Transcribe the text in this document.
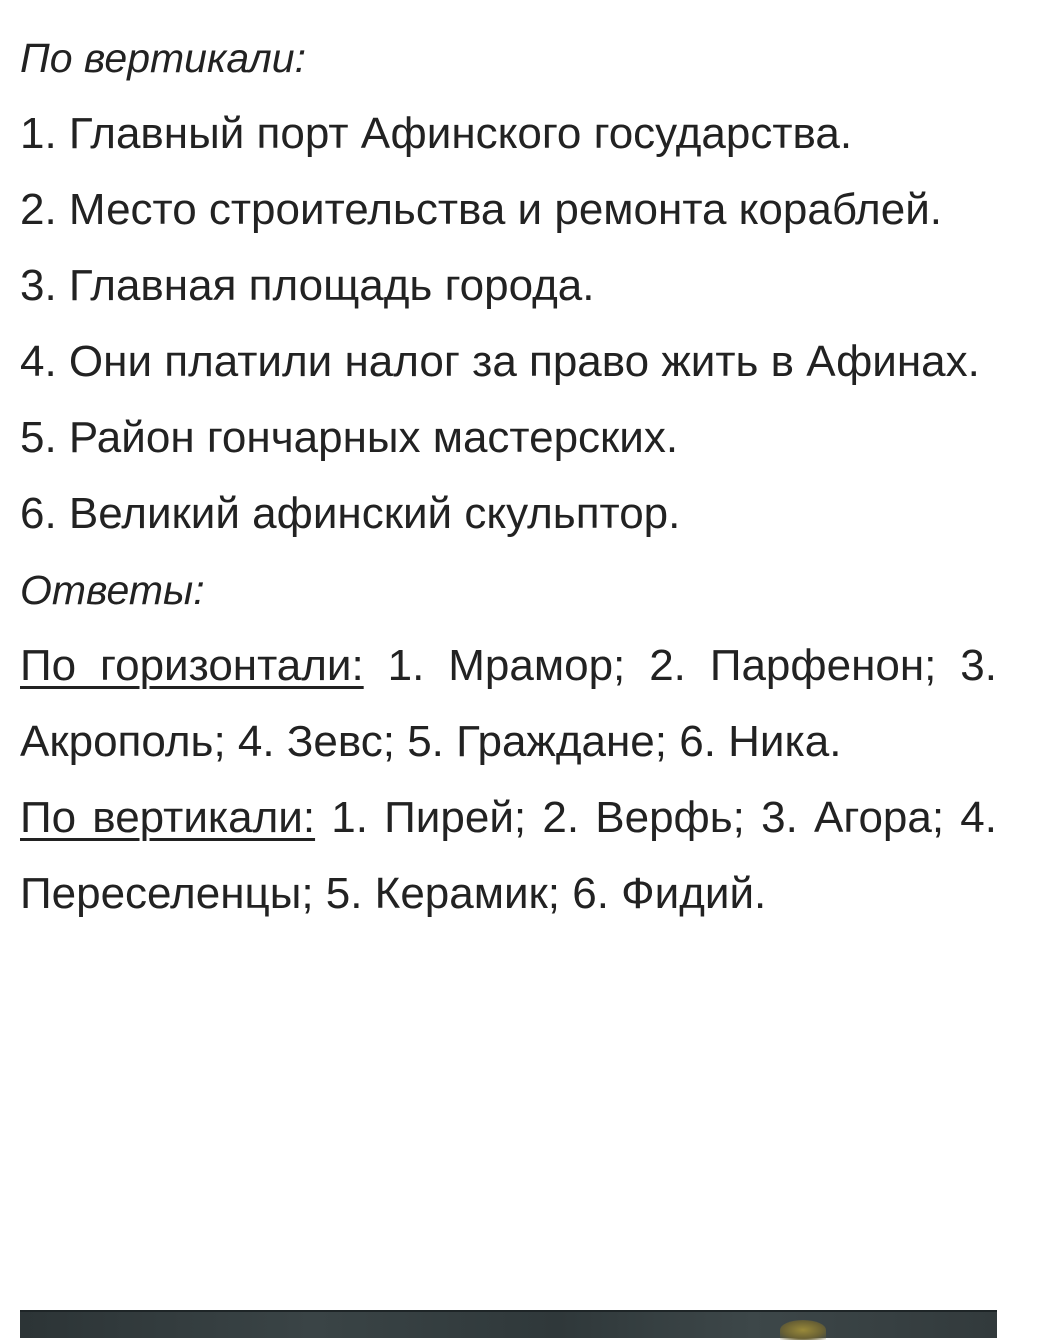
По вертикали:

1. Главный порт Афинского государства.

2. Место строительства и ремонта кораблей.

3. Главная площадь города.

4. Они платили налог за право жить в Афинах.

5. Район гончарных мастерских.

6. Великий афинский скульптор.

Ответы:

По горизонтали: 1. Мрамор; 2. Парфенон; 3. Акрополь; 4. Зевс; 5. Граждане; 6. Ника.

По вертикали: 1. Пирей; 2. Верфь; 3. Агора; 4. Переселенцы; 5. Керамик; 6. Фидий.
